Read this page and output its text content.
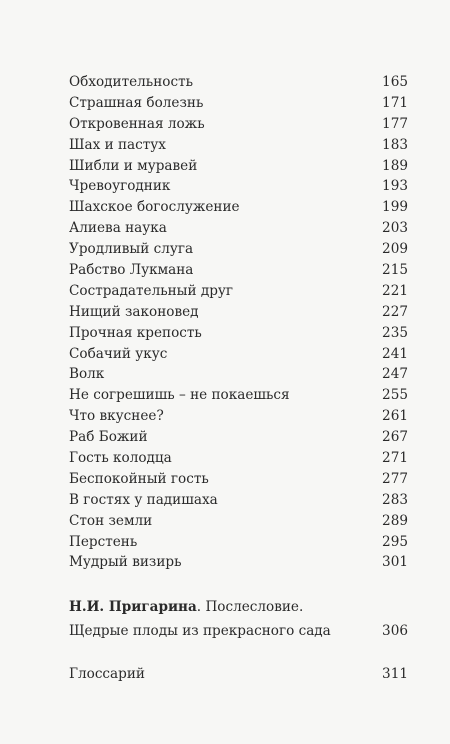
Обходительность	165
Страшная болезнь	171
Откровенная ложь	177
Шах и пастух	183
Шибли и муравей	189
Чревоугодник	193
Шахское богослужение	199
Алиева наука	203
Уродливый слуга	209
Рабство Лукмана	215
Сострадательный друг	221
Нищий законовед	227
Прочная крепость	235
Собачий укус	241
Волк	247
Не согрешишь – не покаешься	255
Что вкуснее?	261
Раб Божий	267
Гость колодца	271
Беспокойный гость	277
В гостях у падишаха	283
Стон земли	289
Перстень	295
Мудрый визирь	301
Н.И. Пригарина. Послесловие.
Щедрые плоды из прекрасного сада	306
Глоссарий	311
